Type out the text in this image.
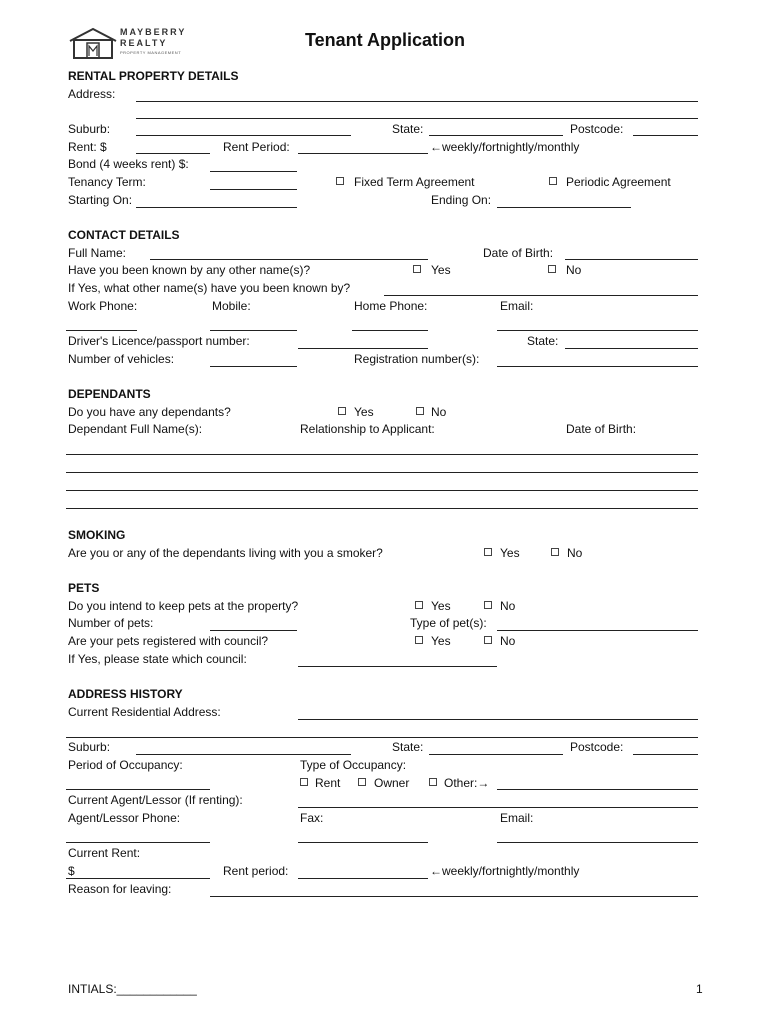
MAYBERRY
REALTY
PROPERTY MANAGEMENT
Tenant Application
RENTAL PROPERTY DETAILS
Address:
Suburb:	State:	Postcode:
Rent: $	Rent Period:	←weekly/fortnightly/monthly
Bond (4 weeks rent) $:
Tenancy Term:	Fixed Term Agreement	Periodic Agreement
Starting On:	Ending On:
CONTACT DETAILS
Full Name:	Date of Birth:
Have you been known by any other name(s)?	Yes	No
If Yes, what other name(s) have you been known by?
Work Phone:	Mobile:	Home Phone:	Email:
Driver's Licence/passport number:	State:
Number of vehicles:	Registration number(s):
DEPENDANTS
Do you have any dependants?	Yes	No
Dependant Full Name(s):	Relationship to Applicant:	Date of Birth:
SMOKING
Are you or any of the dependants living with you a smoker?	Yes	No
PETS
Do you intend to keep pets at the property?	Yes	No
Number of pets:	Type of pet(s):
Are your pets registered with council?	Yes	No
If Yes, please state which council:
ADDRESS HISTORY
Current Residential Address:
Suburb:	State:	Postcode:
Period of Occupancy:	Type of Occupancy:
Rent	Owner	Other:→
Current Agent/Lessor (If renting):
Agent/Lessor Phone:	Fax:	Email:
Current Rent:
$	Rent period:	←weekly/fortnightly/monthly
Reason for leaving:
INTIALS:____________	1
